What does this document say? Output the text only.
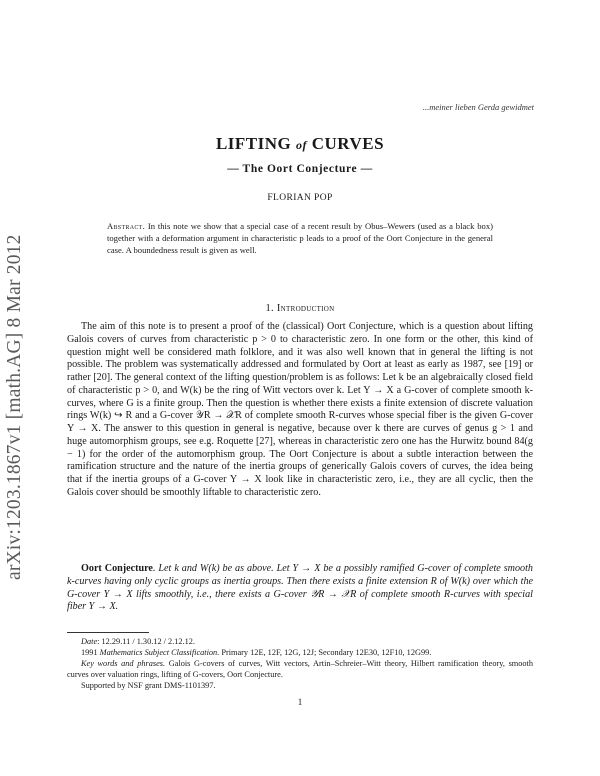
arXiv:1203.1867v1 [math.AG] 8 Mar 2012
...meiner lieben Gerda gewidmet
LIFTING of CURVES
— The Oort Conjecture —
FLORIAN POP
Abstract. In this note we show that a special case of a recent result by Obus–Wewers (used as a black box) together with a deformation argument in characteristic p leads to a proof of the Oort Conjecture in the general case. A boundedness result is given as well.
1. Introduction
The aim of this note is to present a proof of the (classical) Oort Conjecture, which is a question about lifting Galois covers of curves from characteristic p > 0 to characteristic zero. In one form or the other, this kind of question might well be considered math folklore, and it was also well known that in general the lifting is not possible. The problem was systematically addressed and formulated by Oort at least as early as 1987, see [19] or rather [20]. The general context of the lifting question/problem is as follows: Let k be an algebraically closed field of characteristic p > 0, and W(k) be the ring of Witt vectors over k. Let Y → X a G-cover of complete smooth k-curves, where G is a finite group. Then the question is whether there exists a finite extension of discrete valuation rings W(k) ↪ R and a G-cover 𝒴R → 𝒳R of complete smooth R-curves whose special fiber is the given G-cover Y → X. The answer to this question in general is negative, because over k there are curves of genus g > 1 and huge automorphism groups, see e.g. Roquette [27], whereas in characteristic zero one has the Hurwitz bound 84(g − 1) for the order of the automorphism group. The Oort Conjecture is about a subtle interaction between the ramification structure and the nature of the inertia groups of generically Galois covers of curves, the idea being that if the inertia groups of a G-cover Y → X look like in characteristic zero, i.e., they are all cyclic, then the Galois cover should be smoothly liftable to characteristic zero.
Oort Conjecture. Let k and W(k) be as above. Let Y → X be a possibly ramified G-cover of complete smooth k-curves having only cyclic groups as inertia groups. Then there exists a finite extension R of W(k) over which the G-cover Y → X lifts smoothly, i.e., there exists a G-cover 𝒴R → 𝒳R of complete smooth R-curves with special fiber Y → X.
Date: 12.29.11 / 1.30.12 / 2.12.12.
1991 Mathematics Subject Classification. Primary 12E, 12F, 12G, 12J; Secondary 12E30, 12F10, 12G99.
Key words and phrases. Galois G-covers of curves, Witt vectors, Artin–Schreier–Witt theory, Hilbert ramification theory, smooth curves over valuation rings, lifting of G-covers, Oort Conjecture.
Supported by NSF grant DMS-1101397.
1
